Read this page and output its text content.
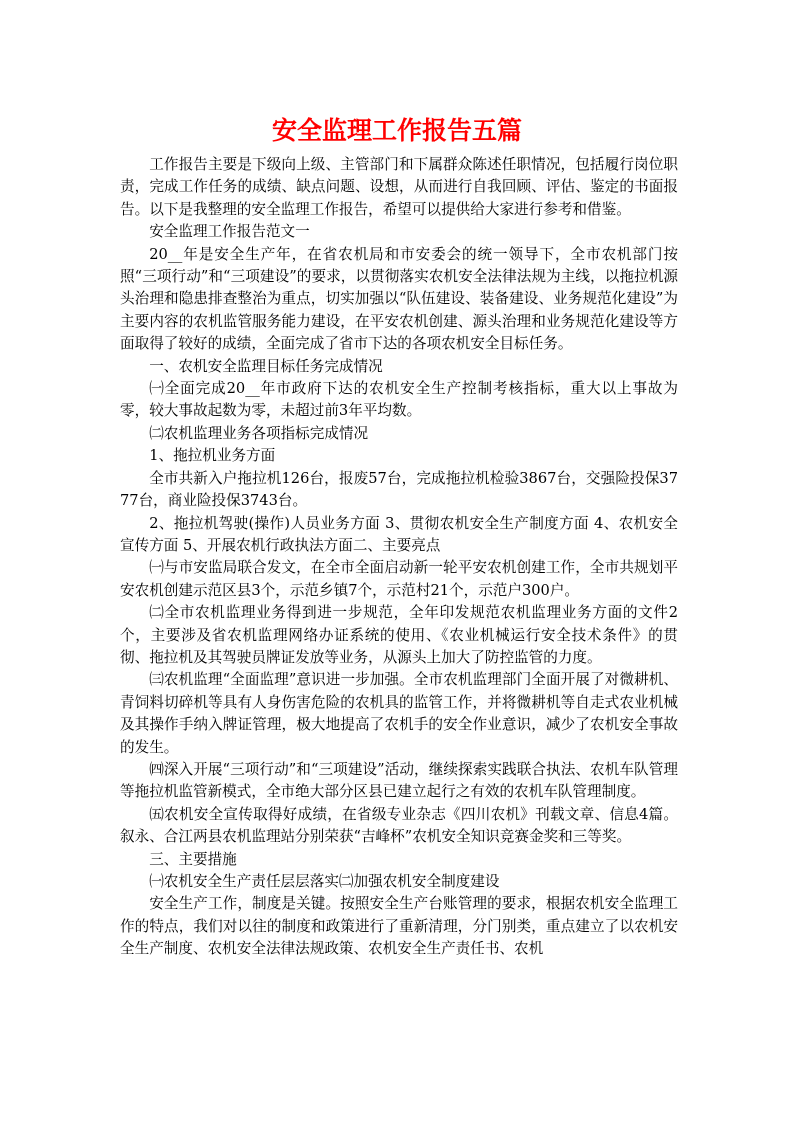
安全监理工作报告五篇

工作报告主要是下级向上级、主管部门和下属群众陈述任职情况，包括履行岗位职责，完成工作任务的成绩、缺点问题、设想，从而进行自我回顾、评估、鉴定的书面报告。以下是我整理的安全监理工作报告，希望可以提供给大家进行参考和借鉴。

安全监理工作报告范文一

20__年是安全生产年，在省农机局和市安委会的统一领导下，全市农机部门按照“三项行动”和“三项建设”的要求，以贯彻落实农机安全法律法规为主线，以拖拉机源头治理和隐患排查整治为重点，切实加强以“队伍建设、装备建设、业务规范化建设”为主要内容的农机监管服务能力建设，在平安农机创建、源头治理和业务规范化建设等方面取得了较好的成绩，全面完成了省市下达的各项农机安全目标任务。

一、农机安全监理目标任务完成情况

㈠全面完成20__年市政府下达的农机安全生产控制考核指标，重大以上事故为零，较大事故起数为零，未超过前3年平均数。

㈡农机监理业务各项指标完成情况

1、拖拉机业务方面

全市共新入户拖拉机126台，报废57台，完成拖拉机检验3867台，交强险投保3777台，商业险投保3743台。

2、拖拉机驾驶(操作)人员业务方面 3、贯彻农机安全生产制度方面 4、农机安全宣传方面 5、开展农机行政执法方面二、主要亮点

㈠与市安监局联合发文，在全市全面启动新一轮平安农机创建工作，全市共规划平安农机创建示范区县3个，示范乡镇7个，示范村21个，示范户300户。

㈡全市农机监理业务得到进一步规范，全年印发规范农机监理业务方面的文件2个，主要涉及省农机监理网络办证系统的使用、《农业机械运行安全技术条件》的贯彻、拖拉机及其驾驶员牌证发放等业务，从源头上加大了防控监管的力度。

㈢农机监理“全面监理”意识进一步加强。全市农机监理部门全面开展了对微耕机、青饲料切碎机等具有人身伤害危险的农机具的监管工作，并将微耕机等自走式农业机械及其操作手纳入牌证管理，极大地提高了农机手的安全作业意识，减少了农机安全事故的发生。

㈣深入开展“三项行动”和“三项建设”活动，继续探索实践联合执法、农机车队管理等拖拉机监管新模式，全市绝大部分区县已建立起行之有效的农机车队管理制度。

㈤农机安全宣传取得好成绩，在省级专业杂志《四川农机》刊载文章、信息4篇。叙永、合江两县农机监理站分别荣获“吉峰杯”农机安全知识竞赛金奖和三等奖。

三、主要措施

㈠农机安全生产责任层层落实㈡加强农机安全制度建设

安全生产工作，制度是关键。按照安全生产台账管理的要求，根据农机安全监理工作的特点，我们对以往的制度和政策进行了重新清理，分门别类，重点建立了以农机安全生产制度、农机安全法律法规政策、农机安全生产责任书、农机
